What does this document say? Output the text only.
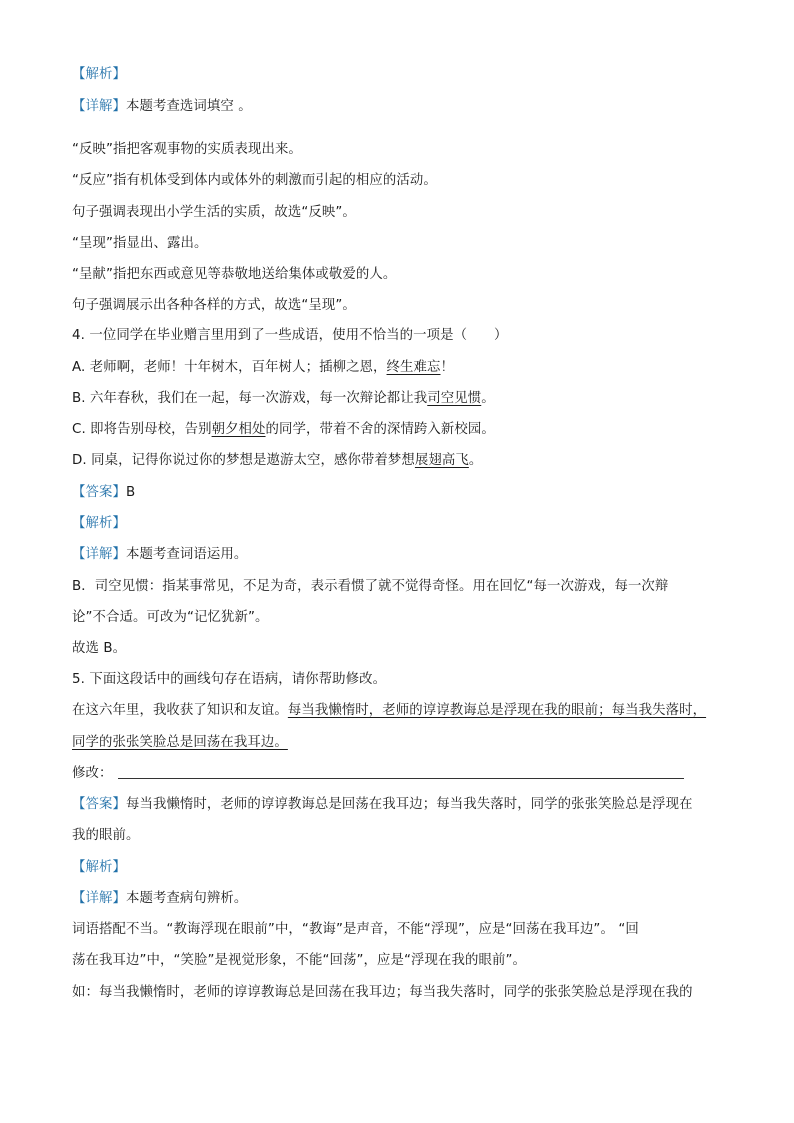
【解析】
【详解】本题考查选词填空 。
“反映”指把客观事物的实质表现出来。
“反应”指有机体受到体内或体外的刺激而引起的相应的活动。
句子强调表现出小学生活的实质，故选“反映”。
“呈现”指显出、露出。
“呈献”指把东西或意见等恭敬地送给集体或敬爱的人。
句子强调展示出各种各样的方式，故选“呈现”。
4. 一位同学在毕业赠言里用到了一些成语，使用不恰当的一项是（　　）
A. 老师啊，老师！十年树木，百年树人；插柳之恩，终生难忘！
B. 六年春秋，我们在一起，每一次游戏，每一次辩论都让我司空见惯。
C. 即将告别母校，告别朝夕相处的同学，带着不舍的深情跨入新校园。
D. 同桌，记得你说过你的梦想是遨游太空，感你带着梦想展翅高飞。
【答案】B
【解析】
【详解】本题考查词语运用。
B．司空见惯：指某事常见，不足为奇，表示看惯了就不觉得奇怪。用在回忆“每一次游戏，每一次辩
论”不合适。可改为“记忆犹新”。
故选 B。
5. 下面这段话中的画线句存在语病，请你帮助修改。
在这六年里，我收获了知识和友谊。每当我懒惰时，老师的谆谆教诲总是浮现在我的眼前；每当我失落时，
同学的张张笑脸总是回荡在我耳边。
修改：
【答案】每当我懒惰时，老师的谆谆教诲总是回荡在我耳边；每当我失落时，同学的张张笑脸总是浮现在
我的眼前。
【解析】
【详解】本题考查病句辨析。
词语搭配不当。“教诲浮现在眼前”中，“教诲”是声音，不能“浮现”，应是“回荡在我耳边”。 “回
荡在我耳边”中，“笑脸”是视觉形象，不能“回荡”，应是“浮现在我的眼前”。
如：每当我懒惰时，老师的谆谆教诲总是回荡在我耳边；每当我失落时，同学的张张笑脸总是浮现在我的
